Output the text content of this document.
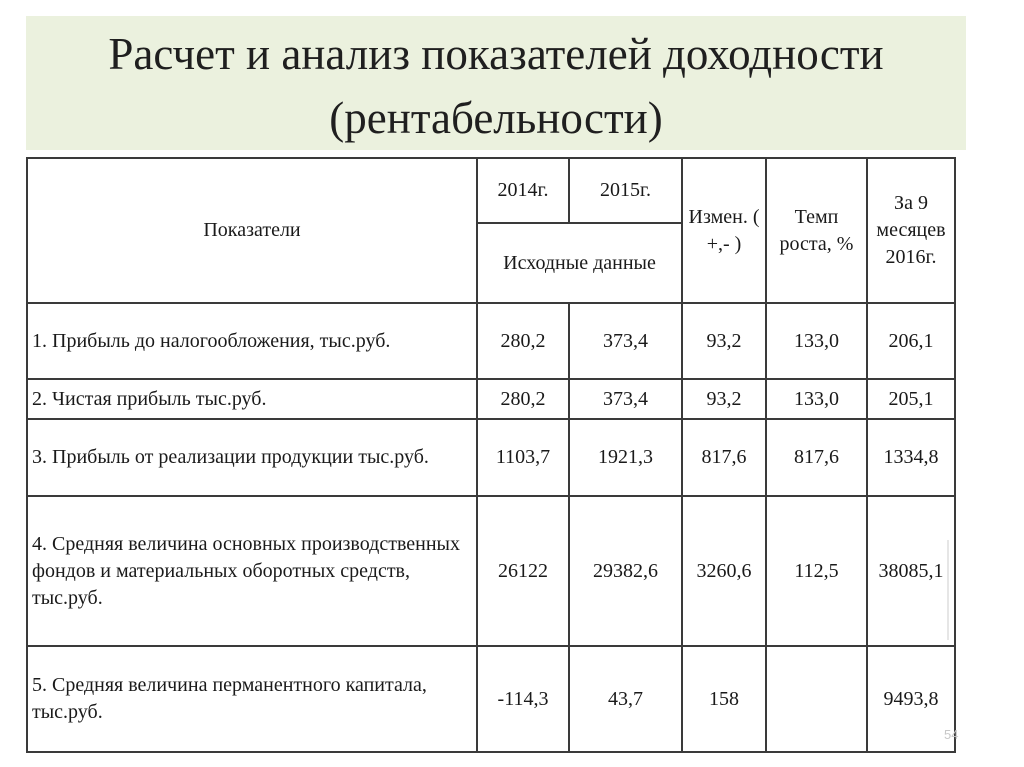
Расчет и анализ показателей доходности
(рентабельности)
Показатели	2014г.	2015г.	Измен. ( +,- )	Темп роста, %	За 9 месяцев 2016г.
	Исходные данные				
1. Прибыль до налогообложения, тыс.руб.	280,2	373,4	93,2	133,0	206,1
2. Чистая прибыль тыс.руб.	280,2	373,4	93,2	133,0	205,1
3. Прибыль от реализации продукции тыс.руб.	1103,7	1921,3	817,6	817,6	1334,8
4. Средняя величина основных производственных фондов и материальных оборотных средств, тыс.руб.	26122	29382,6	3260,6	112,5	38085,1
5. Средняя величина перманентного капитала, тыс.руб.	-114,3	43,7	158		9493,8
54
